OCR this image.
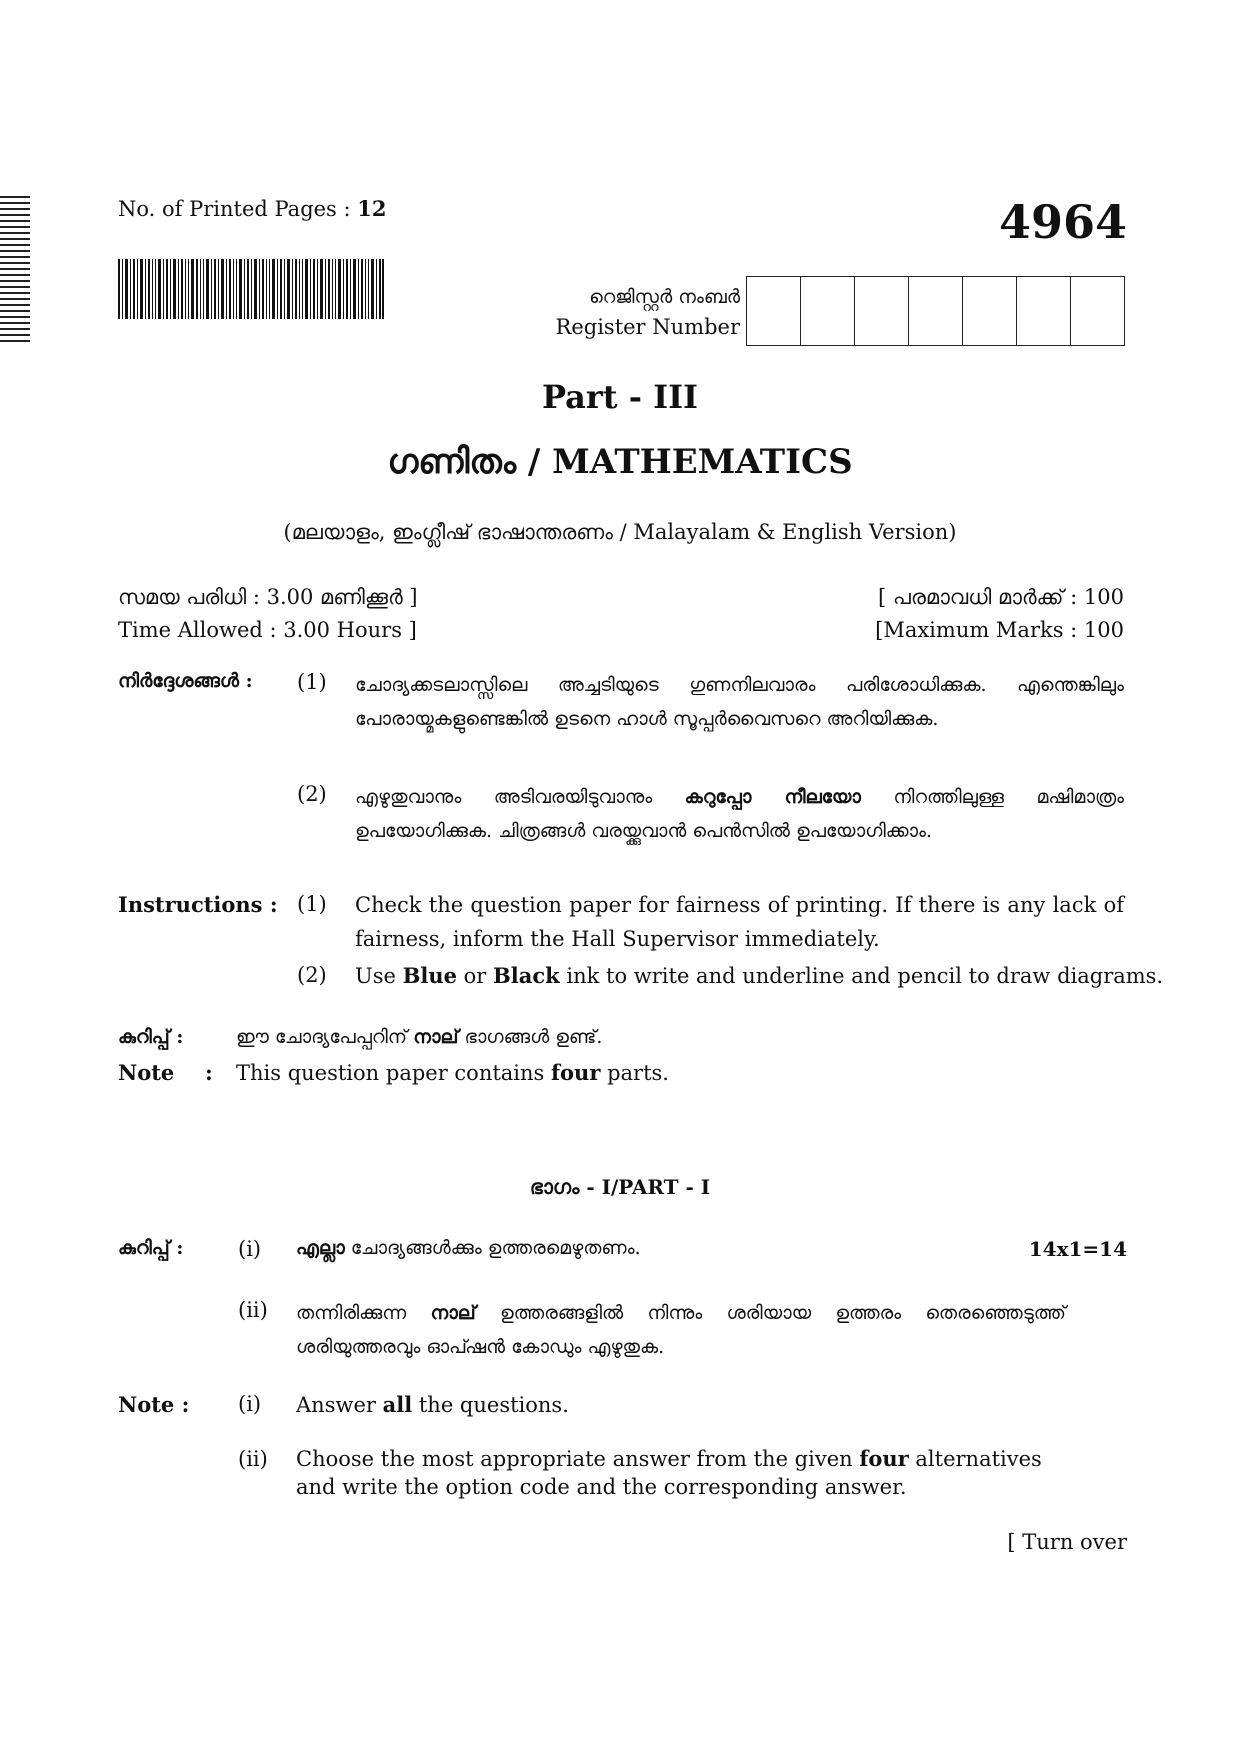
No. of Printed Pages : 12	4964
റെജിസ്റ്റർ നംബർ
Register Number
Part - III
ഗണിതം / MATHEMATICS
(മലയാളം, ഇംഗ്ലീഷ് ഭാഷാന്തരണം / Malayalam & English Version)
സമയ പരിധി : 3.00 മണിക്കൂർ ]	[ പരമാവധി മാർക്ക് : 100
Time Allowed : 3.00 Hours ]	[Maximum Marks : 100
നിർദ്ദേശങ്ങൾ : (1) ചോദ്യക്കടലാസ്സിലെ അച്ചടിയുടെ ഗുണനിലവാരം പരിശോധിക്കുക. എന്തെങ്കിലും പോരായ്മകളുണ്ടെങ്കിൽ ഉടനെ ഹാൾ സൂപ്പർവൈസറെ അറിയിക്കുക.
(2) എഴുതുവാനും അടിവരയിടുവാനും കറുപ്പോ നീലയോ നിറത്തിലുള്ള മഷിമാത്രം ഉപയോഗിക്കുക. ചിത്രങ്ങൾ വരയ്ക്കുവാൻ പെൻസിൽ ഉപയോഗിക്കാം.
Instructions : (1) Check the question paper for fairness of printing. If there is any lack of fairness, inform the Hall Supervisor immediately.
(2) Use Blue or Black ink to write and underline and pencil to draw diagrams.
കുറിപ്പ് :	ഈ ചോദ്യപേപ്പറിന് നാല് ഭാഗങ്ങൾ ഉണ്ട്.
Note : This question paper contains four parts.
ഭാഗം - I/PART - I
കുറിപ്പ് :	(i) എല്ലാ ചോദ്യങ്ങൾക്കും ഉത്തരമെഴുതണം.	14x1=14
(ii) തന്നിരിക്കുന്ന നാല് ഉത്തരങ്ങളിൽ നിന്നും ശരിയായ ഉത്തരം തെരഞ്ഞെടുത്ത് ശരിയുത്തരവും ഓപ്ഷൻ കോഡും എഴുതുക.
Note : (i) Answer all the questions.
(ii) Choose the most appropriate answer from the given four alternatives and write the option code and the corresponding answer.
[ Turn over
